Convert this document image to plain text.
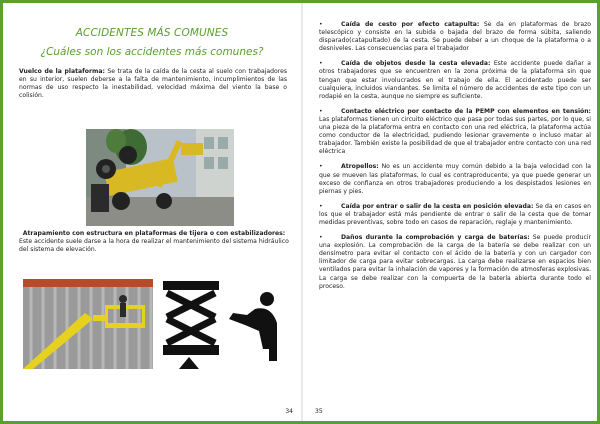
ACCIDENTES MÁS COMUNES
¿Cuáles son los accidentes más comunes?

Vuelco de la plataforma: Se trata de la caída de la cesta al suelo con trabajadores en su interior, suelen deberse a la falta de mantenimiento, incumplimientos de las normas de uso respecto la inestabilidad, velocidad máxima del viento la base o colisión.

Atrapamiento con estructura en plataformas de tijera o con estabilizadores:
Este accidente suele darse a la hora de realizar el mantenimiento del sistema hidráulico del sistema de elevación.

34

•	Caída de cesto por efecto catapulta: Se da en plataformas de brazo telescópico y consiste en la subida o bajada del brazo de forma súbita, saliendo disparado(catapultado) de la cesta. Se puede deber a un choque de la plataforma o a desniveles. Las consecuencias para el trabajador

•	Caída de objetos desde la cesta elevada: Este accidente puede dañar a otros trabajadores que se encuentren en la zona próxima de la plataforma sin que tengan que estar involucrados en el trabajo de ella. El accidentado puede ser cualquiera, incluidos viandantes. Se limita el número de accidentes de este tipo con un rodapié en la cesta, aunque no siempre es suficiente.

•	Contacto eléctrico por contacto de la PEMP con elementos en tensión: Las plataformas tienen un circuito eléctrico que pasa por todas sus partes, por lo que, si una pieza de la plataforma entra en contacto con una red eléctrica, la plataforma actúa como conductor de la electricidad, pudiendo lesionar gravemente o incluso matar al trabajador. También existe la posibilidad de que el trabajador entre contacto con una red eléctrica

•	Atropellos: No es un accidente muy común debido a la baja velocidad con la que se mueven las plataformas, lo cual es contraproducente, ya que puede generar un exceso de confianza en otros trabajadores produciendo a los despistados lesiones en piernas y pies.

•	Caída por entrar o salir de la cesta en posición elevada: Se da en casos en los que el trabajador está más pendiente de entrar o salir de la cesta que de tomar medidas preventivas, sobre todo en casos de reparación, reglaje y mantenimiento.

•	Daños durante la comprobación y carga de baterías: Se puede producir una explosión. La comprobación de la carga de la batería se debe realizar con un densímetro para evitar el contacto con el ácido de la batería y con un cargador con limitador de carga para evitar sobrecargas. La carga debe realizarse en espacios bien ventilados para evitar la inhalación de vapores y la formación de atmosferas explosivas. La carga se debe realizar con la compuerta de la batería abierta durante todo el proceso.

35
